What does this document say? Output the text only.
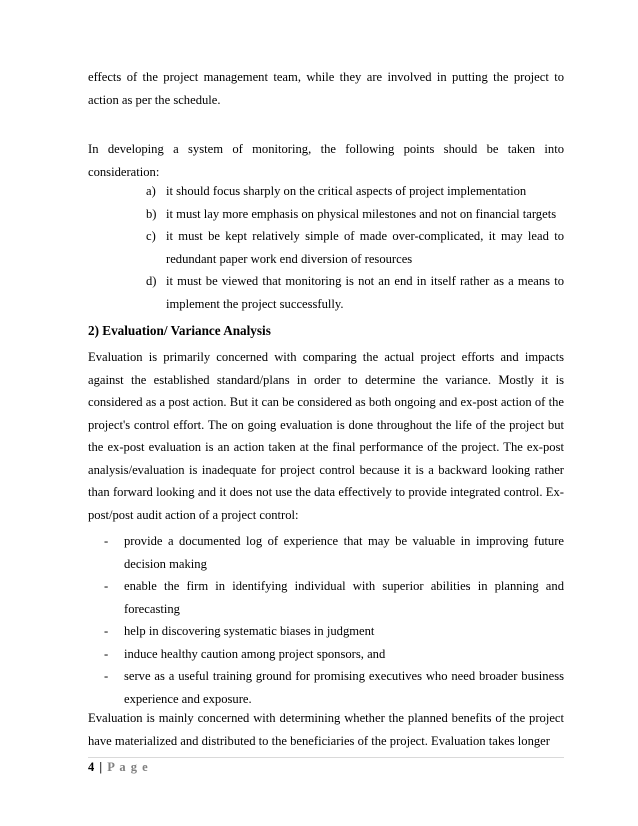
effects of the project management team, while they are involved in putting the project to action as per the schedule.

In developing a system of monitoring, the following points should be taken into consideration:

a) it should focus sharply on the critical aspects of project implementation
b) it must lay more emphasis on physical milestones and not on financial targets
c) it must be kept relatively simple of made over-complicated, it may lead to redundant paper work end diversion of resources
d) it must be viewed that monitoring is not an end in itself rather as a means to implement the project successfully.
2) Evaluation/ Variance Analysis

Evaluation is primarily concerned with comparing the actual project efforts and impacts against the established standard/plans in order to determine the variance. Mostly it is considered as a post action. But it can be considered as both ongoing and ex-post action of the project's control effort. The on going evaluation is done throughout the life of the project but the ex-post evaluation is an action taken at the final performance of the project. The ex-post analysis/evaluation is inadequate for project control because it is a backward looking rather than forward looking and it does not use the data effectively to provide integrated control. Ex-post/post audit action of a project control:

- provide a documented log of experience that may be valuable in improving future decision making
- enable the firm in identifying individual with superior abilities in planning and forecasting
- help in discovering systematic biases in judgment
- induce healthy caution among project sponsors, and
- serve as a useful training ground for promising executives who need broader business experience and exposure.

Evaluation is mainly concerned with determining whether the planned benefits of the project have materialized and distributed to the beneficiaries of the project. Evaluation takes longer

4 | P a g e
